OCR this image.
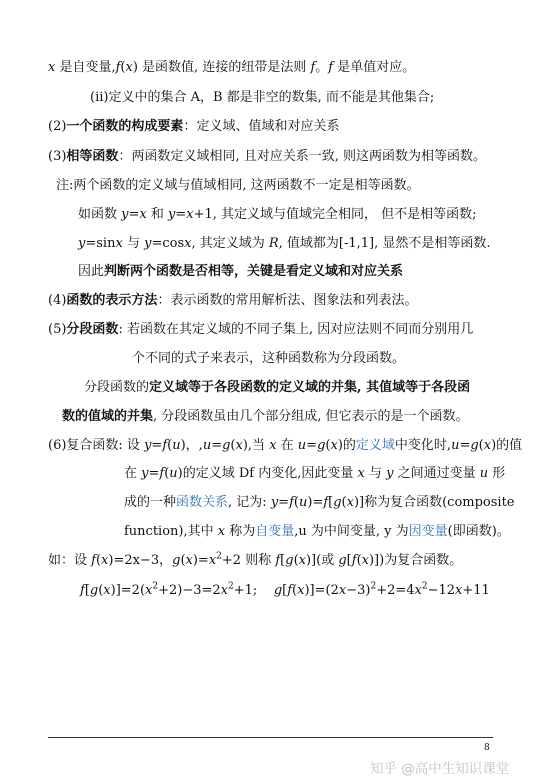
x 是自变量,f(x) 是函数值, 连接的纽带是法则 f。f 是单值对应。
(ii)定义中的集合 A，B 都是非空的数集, 而不能是其他集合;
(2)一个函数的构成要素：定义域、值域和对应关系
(3)相等函数：两函数定义域相同, 且对应关系一致, 则这两函数为相等函数。
注:两个函数的定义域与值域相同, 这两函数不一定是相等函数。
如函数 y=x 和 y=x+1, 其定义域与值域完全相同， 但不是相等函数;
y=sinx 与 y=cosx, 其定义域为 R, 值域都为[-1,1], 显然不是相等函数.
因此判断两个函数是否相等，关键是看定义域和对应关系
(4)函数的表示方法：表示函数的常用解析法、图象法和列表法。
(5)分段函数: 若函数在其定义域的不同子集上, 因对应法则不同而分别用几
个不同的式子来表示，这种函数称为分段函数。
分段函数的定义域等于各段函数的定义域的并集, 其值域等于各段函
数的值域的并集, 分段函数虽由几个部分组成, 但它表示的是一个函数。
(6)复合函数: 设 y=f(u)，,u=g(x),当 x 在 u=g(x)的定义域中变化时,u=g(x)的值
在 y=f(u)的定义域 Df 内变化,因此变量 x 与 y 之间通过变量 u 形
成的一种函数关系, 记为: y=f(u)=f[g(x)]称为复合函数(composite
function),其中 x 称为自变量,u 为中间变量, y 为因变量(即函数)。
如：设 f(x)=2x−3，$g(x)=x^2+2$ 则称 f[g(x)](或 g[f(x)])为复合函数。
$f[g(x)]=2(x^2+2)-3=2x^2+1$;    $g[f(x)]=(2x-3)^2+2=4x^2-12x+11$
8
知乎 @高中生知识课堂
